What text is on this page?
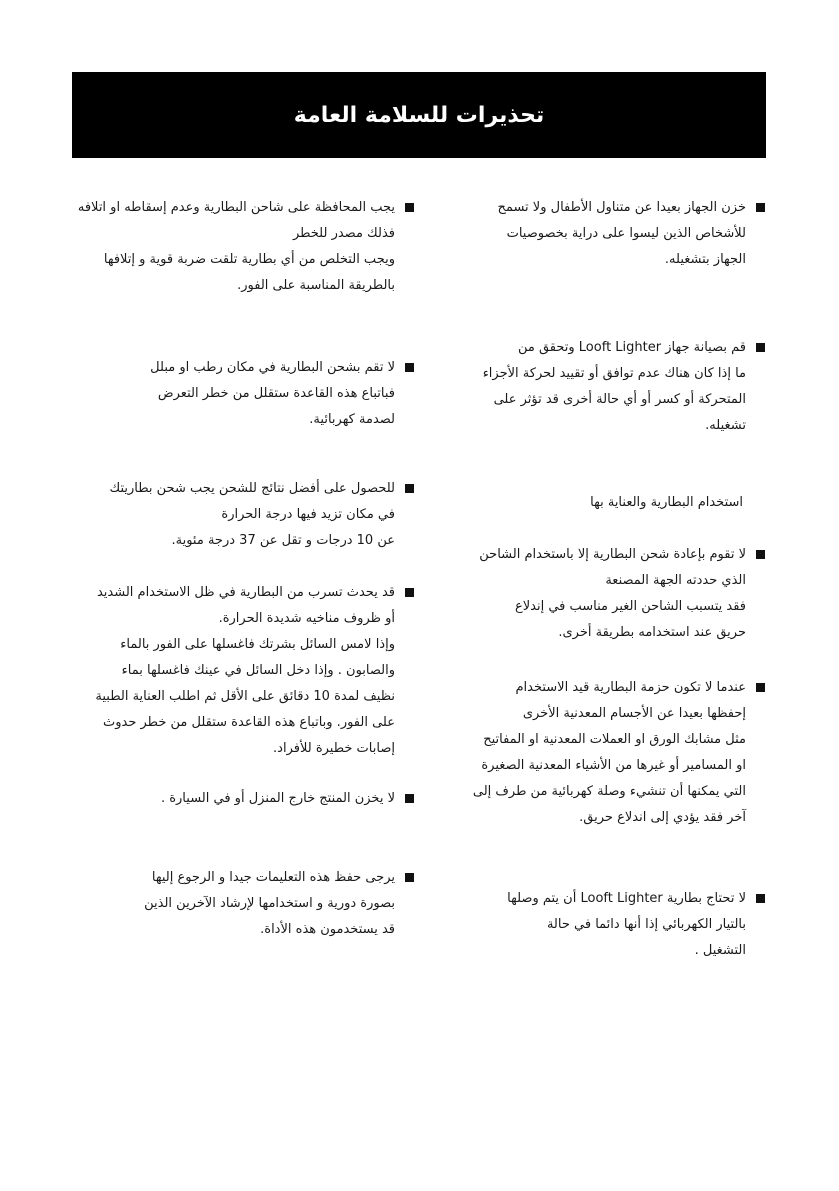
تحذيرات للسلامة العامة
خزن الجهاز بعيدا عن متناول الأطفال ولا تسمح
للأشخاص الذين ليسوا على دراية بخصوصيات
الجهاز بتشغيله.
قم بصيانة جهاز Looft Lighter وتحقق من
ما إذا كان هناك عدم توافق أو تقييد لحركة الأجزاء
المتحركة أو كسر أو أي حالة أخرى قد تؤثر على
تشغيله.
استخدام البطارية والعناية بها
لا تقوم بإعادة شحن البطارية إلا باستخدام الشاحن
الذي حددته الجهة المصنعة
فقد يتسبب الشاحن الغير مناسب في إندلاع
حريق عند استخدامه بطريقة أخرى.
عندما لا تكون حزمة البطارية قيد الاستخدام
إحفظها بعيدا عن الأجسام المعدنية الأخرى
مثل مشابك الورق او العملات المعدنية او المفاتيح
او المسامير أو غيرها من الأشياء المعدنية الصغيرة
التي يمكنها أن تنشيء وصلة كهربائية من طرف إلى
آخر فقد يؤدي إلى اندلاع حريق.
لا تحتاج بطارية Looft Lighter أن يتم وصلها
بالتيار الكهربائي إذا أنها دائما في حالة
التشغيل .
يجب المحافظة على شاحن البطارية وعدم إسقاطه او اتلافه
فذلك مصدر للخطر
ويجب التخلص من أي بطارية تلقت ضربة قوية و إتلافها
بالطريقة المناسبة على الفور.
لا تقم بشحن البطارية في مكان رطب او مبلل
فباتباع هذه القاعدة ستقلل من خطر التعرض
لصدمة كهربائية.
للحصول على أفضل نتائج للشحن يجب شحن بطاريتك
في مكان تزيد فيها درجة الحرارة
عن 10 درجات و تقل عن 37 درجة مئوية.
قد يحدث تسرب من البطارية في ظل الاستخدام الشديد
أو ظروف مناخيه شديدة الحرارة.
وإذا لامس السائل بشرتك فاغسلها على الفور بالماء
والصابون . وإذا دخل السائل في عينك فاغسلها بماء
نظيف لمدة 10 دقائق على الأقل ثم اطلب العناية الطبية
على الفور. وباتباع هذه القاعدة ستقلل من خطر حدوث
إصابات خطيرة للأفراد.
لا يخزن المنتج خارج المنزل أو في السيارة .
يرجى حفظ هذه التعليمات جيدا و الرجوع إليها
بصورة دورية و استخدامها لإرشاد الآخرين الذين
قد يستخدمون هذه الأداة.
